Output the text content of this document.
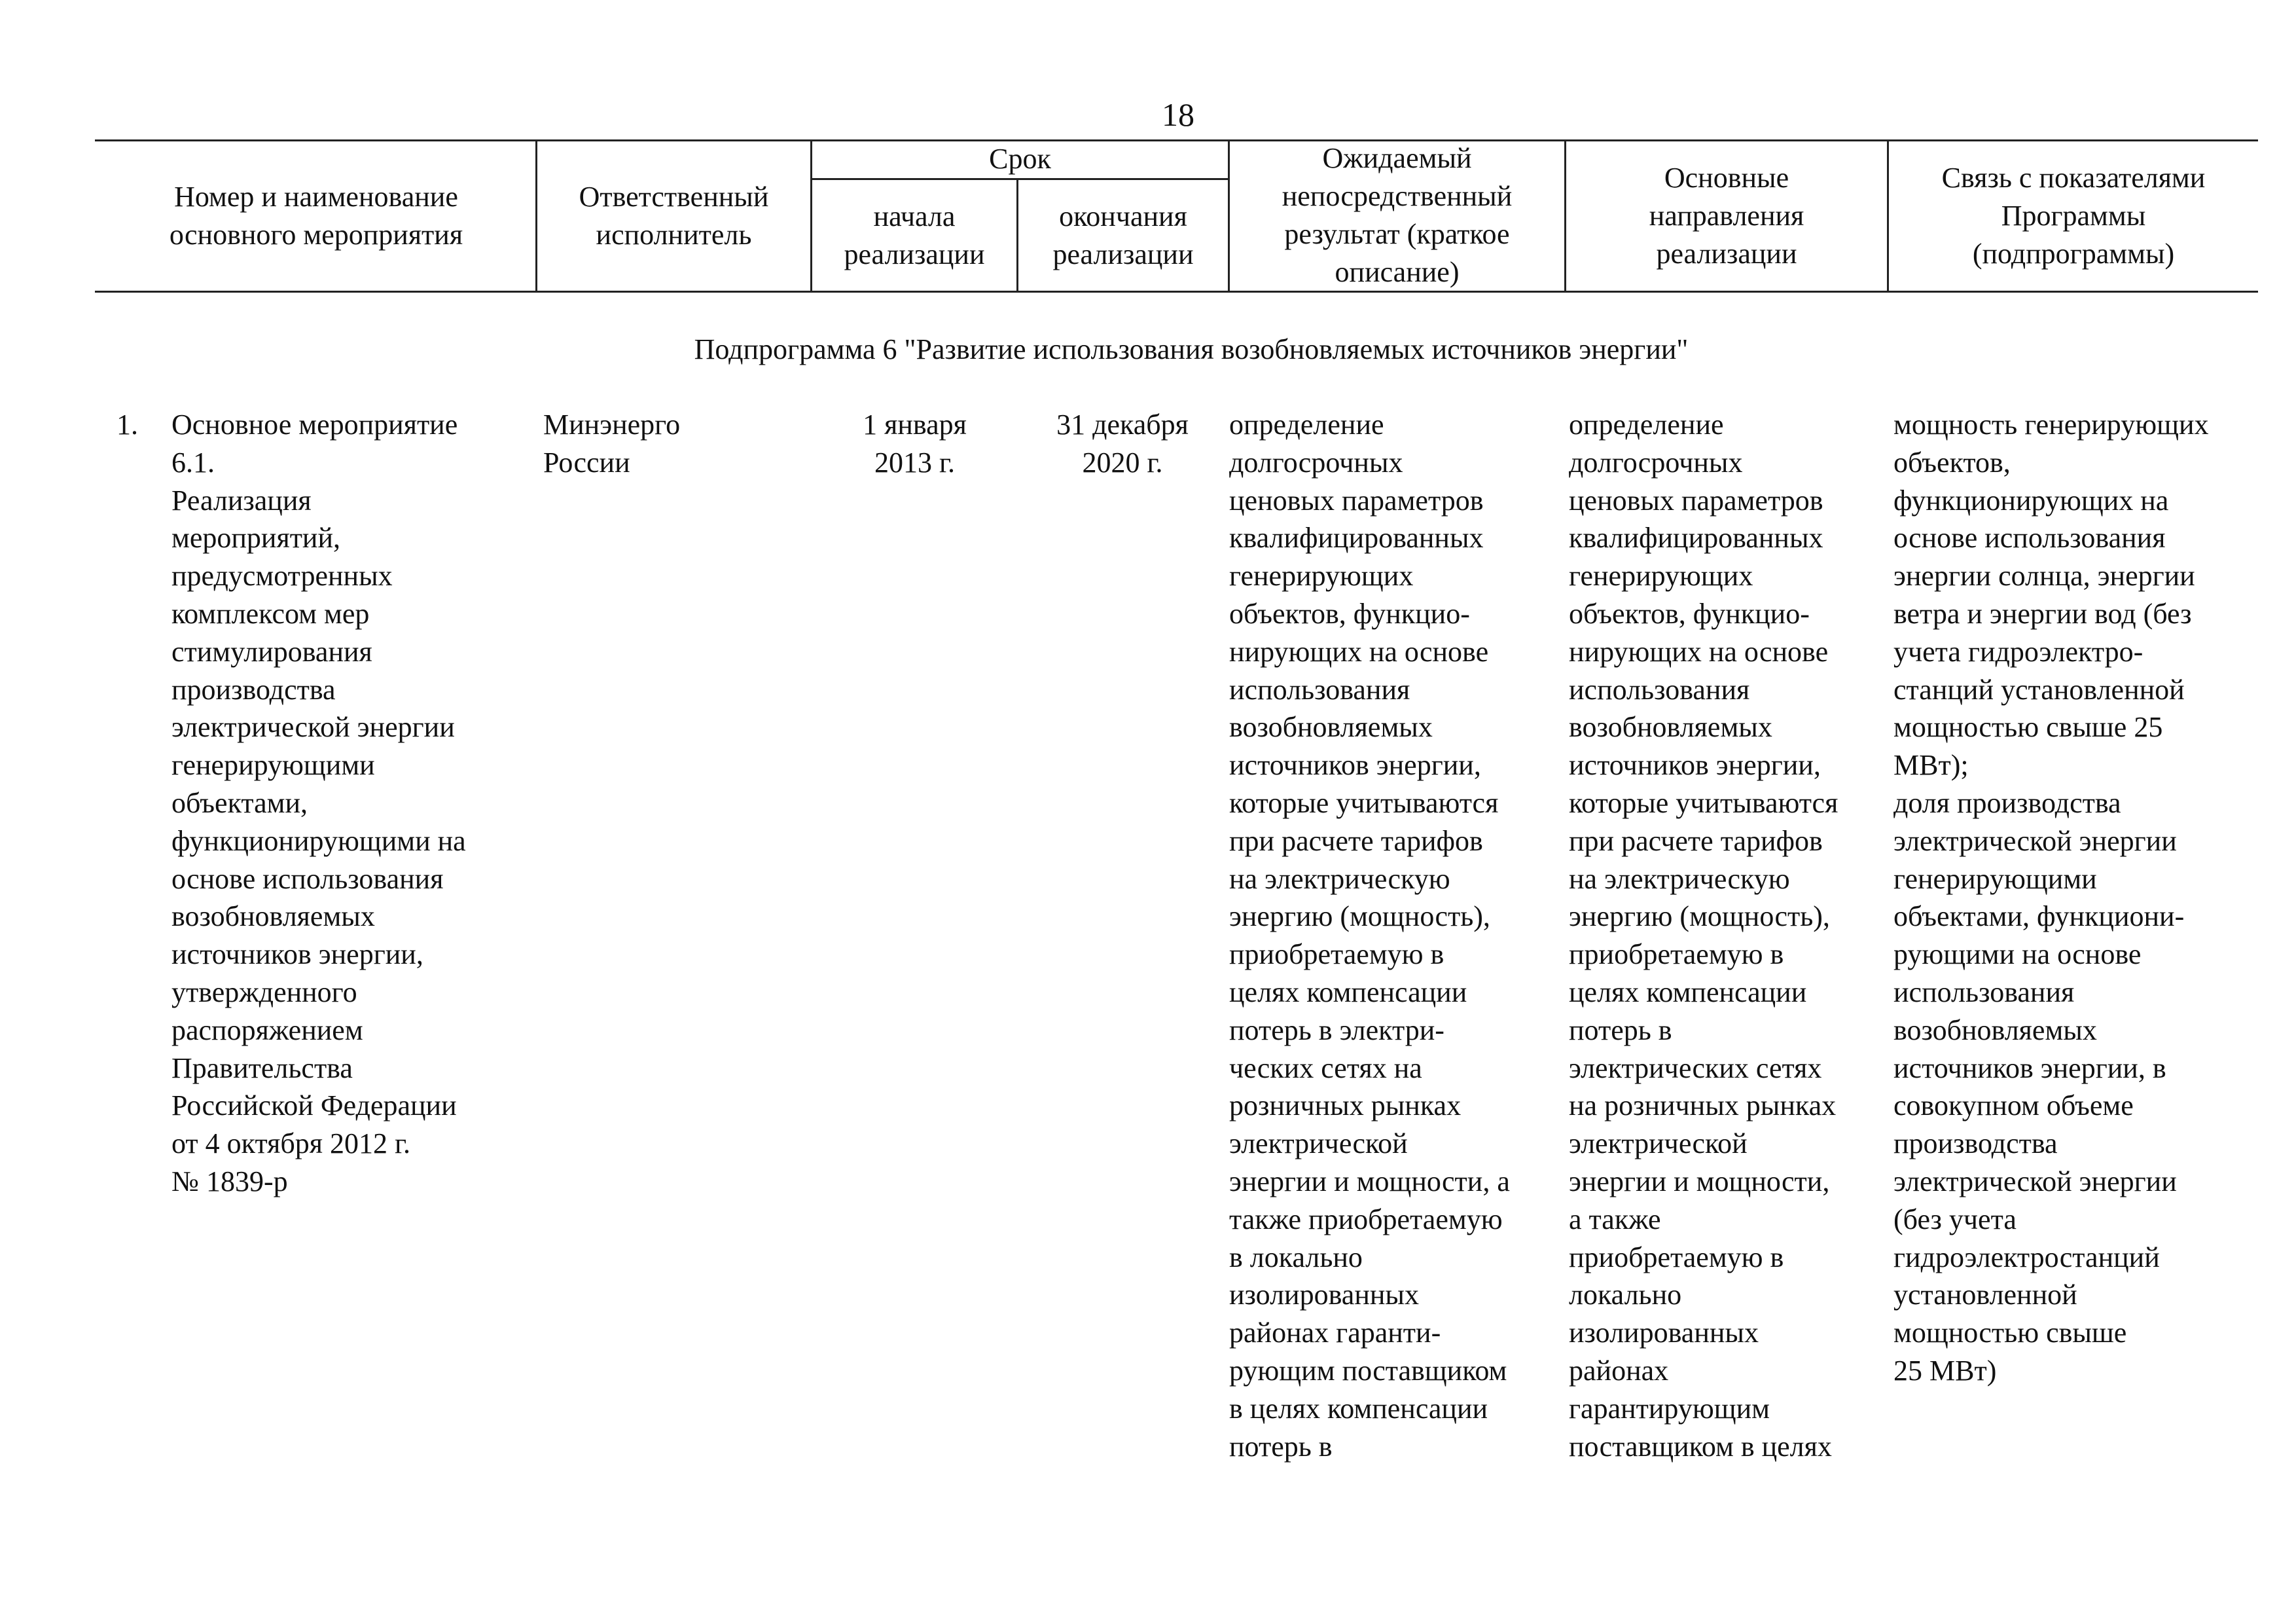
18
Номер и наименование
основного мероприятия
Ответственный
исполнитель
Срок
начала
реализации
окончания
реализации
Ожидаемый
непосредственный
результат (краткое
описание)
Основные
направления
реализации
Связь с показателями
Программы
(подпрограммы)
Подпрограмма 6 "Развитие использования возобновляемых источников энергии"
1. Основное мероприятие
6.1.
Реализация
мероприятий,
предусмотренных
комплексом мер
стимулирования
производства
электрической энергии
генерирующими
объектами,
функционирующими на
основе использования
возобновляемых
источников энергии,
утвержденного
распоряжением
Правительства
Российской Федерации
от 4 октября 2012 г.
№ 1839-р
Минэнерго
России
1 января
2013 г.
31 декабря
2020 г.
определение
долгосрочных
ценовых параметров
квалифицированных
генерирующих
объектов, функцио-
нирующих на основе
использования
возобновляемых
источников энергии,
которые учитываются
при расчете тарифов
на электрическую
энергию (мощность),
приобретаемую в
целях компенсации
потерь в электри-
ческих сетях на
розничных рынках
электрической
энергии и мощности, а
также приобретаемую
в локально
изолированных
районах гаранти-
рующим поставщиком
в целях компенсации
потерь в
определение
долгосрочных
ценовых параметров
квалифицированных
генерирующих
объектов, функцио-
нирующих на основе
использования
возобновляемых
источников энергии,
которые учитываются
при расчете тарифов
на электрическую
энергию (мощность),
приобретаемую в
целях компенсации
потерь в
электрических сетях
на розничных рынках
электрической
энергии и мощности,
а также
приобретаемую в
локально
изолированных
районах
гарантирующим
поставщиком в целях
мощность генерирующих
объектов,
функционирующих на
основе использования
энергии солнца, энергии
ветра и энергии вод (без
учета гидроэлектро-
станций установленной
мощностью свыше 25
МВт);
доля производства
электрической энергии
генерирующими
объектами, функциони-
рующими на основе
использования
возобновляемых
источников энергии, в
совокупном объеме
производства
электрической энергии
(без учета
гидроэлектростанций
установленной
мощностью свыше
25 МВт)
